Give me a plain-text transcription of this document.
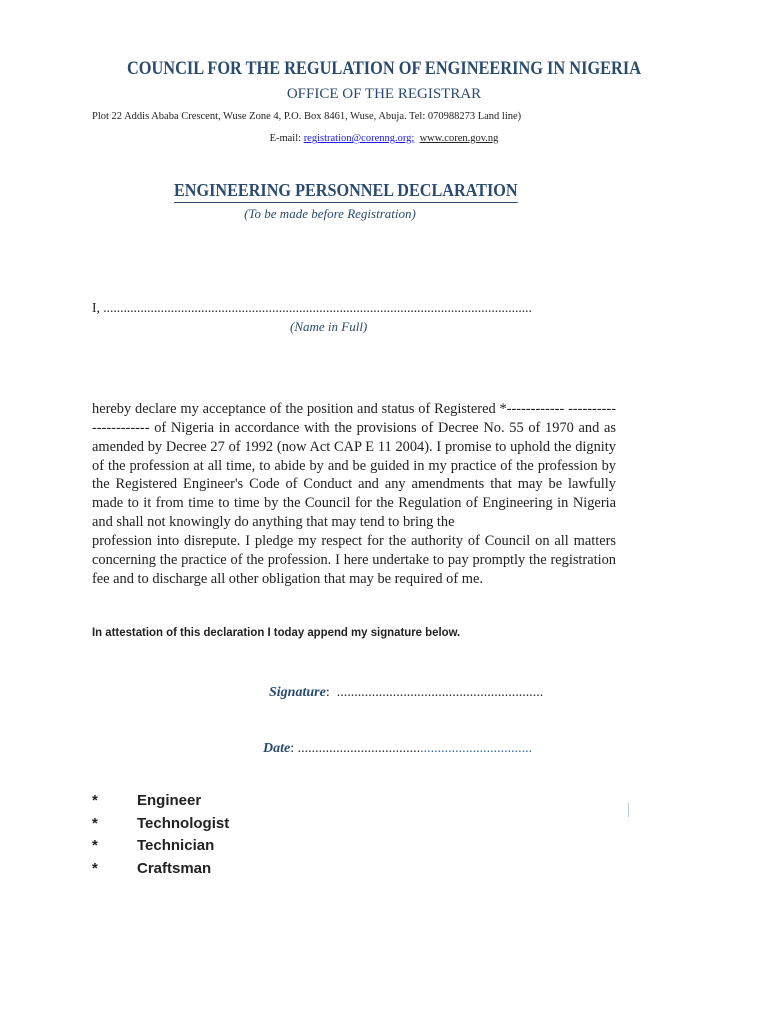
COUNCIL FOR THE REGULATION OF ENGINEERING IN NIGERIA
OFFICE OF THE REGISTRAR
Plot 22 Addis Ababa Crescent, Wuse Zone 4, P.O. Box 8461, Wuse, Abuja. Tel: 070988273 Land line)
E-mail: registration@corenng.org; www.coren.gov.ng
ENGINEERING PERSONNEL DECLARATION
(To be made before Registration)
I, ...............................................................................................................................
(Name in Full)

hereby declare my acceptance of the position and status of Registered *------------ ---------------------- of Nigeria in accordance with the provisions of Decree No. 55 of 1970 and as amended by Decree 27 of 1992 (now Act CAP E 11 2004). I promise to uphold the dignity of the profession at all time, to abide by and be guided in my practice of the profession by the Registered Engineer's Code of Conduct and any amendments that may be lawfully made to it from time to time by the Council for the Regulation of Engineering in Nigeria and shall not knowingly do anything that may tend to bring the

profession into disrepute. I pledge my respect for the authority of Council on all matters concerning the practice of the profession. I here undertake to pay promptly the registration fee and to discharge all other obligation that may be required of me.

In attestation of this declaration I today append my signature below.
Signature: ...........................................................
Date: ...................................................................
*	Engineer
*	Technologist
*	Technician
*	Craftsman
